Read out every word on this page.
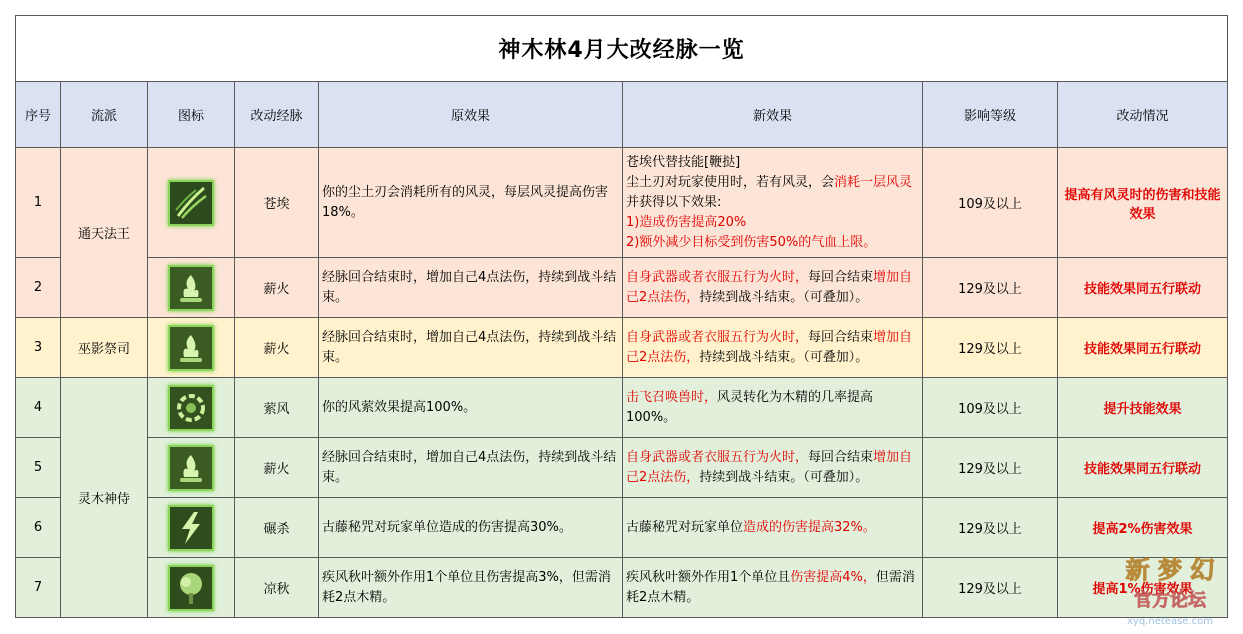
神木林4月大改经脉一览							
序号	流派	图标	改动经脉	原效果	新效果	影响等级	改动情况
1	通天法王		苍埃	你的尘土刃会消耗所有的风灵，每层风灵提高伤害18%。	苍埃代替技能[鞭挞]
尘土刃对玩家使用时，若有风灵，会消耗一层风灵并获得以下效果:
1)造成伤害提高20%
2)额外减少目标受到伤害50%的气血上限。	109及以上	提高有风灵时的伤害和技能效果
2			薪火	经脉回合结束时，增加自己4点法伤，持续到战斗结束。	自身武器或者衣服五行为火时，每回合结束增加自己2点法伤，持续到战斗结束。（可叠加）。	129及以上	技能效果同五行联动
3	巫影祭司		薪火	经脉回合结束时，增加自己4点法伤，持续到战斗结束。	自身武器或者衣服五行为火时，每回合结束增加自己2点法伤，持续到战斗结束。（可叠加）。	129及以上	技能效果同五行联动
4	灵木神侍		萦风	你的风萦效果提高100%。	击飞召唤兽时，风灵转化为木精的几率提高100%。	109及以上	提升技能效果
5			薪火	经脉回合结束时，增加自己4点法伤，持续到战斗结束。	自身武器或者衣服五行为火时，每回合结束增加自己2点法伤，持续到战斗结束。（可叠加）。	129及以上	技能效果同五行联动
6			碾杀	古藤秘咒对玩家单位造成的伤害提高30%。	古藤秘咒对玩家单位造成的伤害提高32%。	129及以上	提高2%伤害效果
7			凉秋	疾风秋叶额外作用1个单位且伤害提高3%，但需消耗2点木精。	疾风秋叶额外作用1个单位且伤害提高4%，但需消耗2点木精。	129及以上	提高1%伤害效果
新 梦 幻
官方论坛
xyq.netease.com
